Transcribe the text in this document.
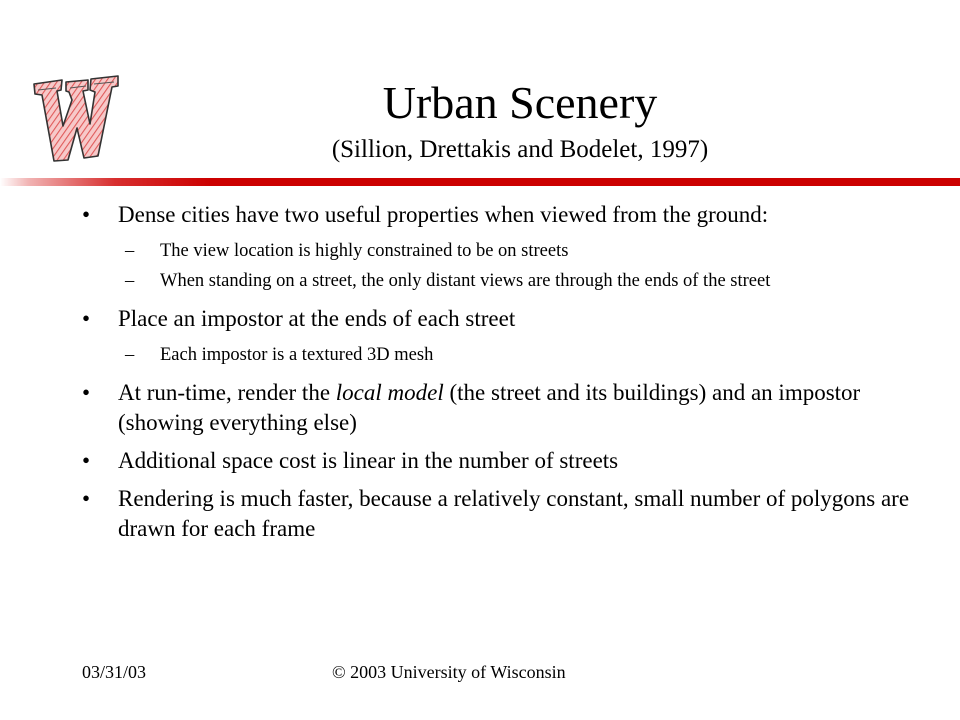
Urban Scenery
(Sillion, Drettakis and Bodelet, 1997)
•	Dense cities have two useful properties when viewed from the ground:
– The view location is highly constrained to be on streets
– When standing on a street, the only distant views are through the ends of the street
•	Place an impostor at the ends of each street
– Each impostor is a textured 3D mesh
•	At run-time, render the local model (the street and its buildings) and an impostor (showing everything else)
•	Additional space cost is linear in the number of streets
•	Rendering is much faster, because a relatively constant, small number of polygons are drawn for each frame
03/31/03	© 2003 University of Wisconsin
